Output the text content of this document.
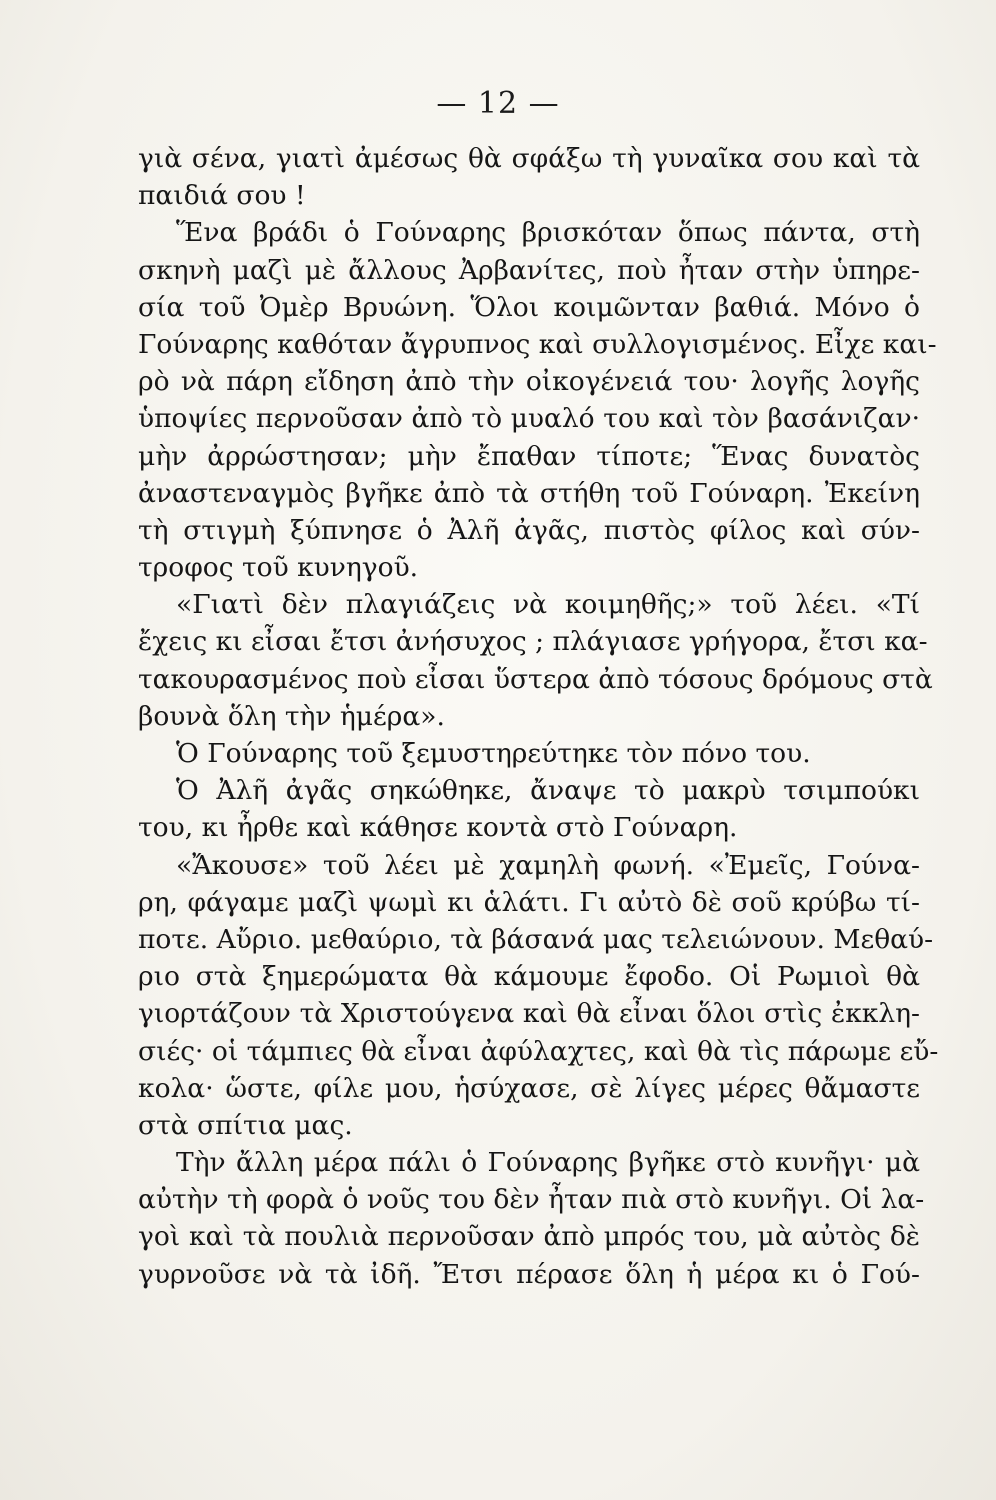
— 12 —
γιὰ σένα, γιατὶ ἀμέσως θὰ σφάξω τὴ γυναῖκα σου καὶ τὰ
παιδιά σου !
Ἕνα βράδι ὁ Γούναρης βρισκόταν ὅπως πάντα, στὴ
σκηνὴ μαζὶ μὲ ἄλλους Ἀρβανίτες, ποὺ ἦταν στὴν ὑπηρε-
σία τοῦ Ὀμὲρ Βρυώνη. Ὅλοι κοιμῶνταν βαθιά. Μόνο ὁ
Γούναρης καθόταν ἄγρυπνος καὶ συλλογισμένος. Εἶχε και-
ρὸ νὰ πάρη εἴδηση ἀπὸ τὴν οἰκογένειά του· λογῆς λογῆς
ὑποψίες περνοῦσαν ἀπὸ τὸ μυαλό του καὶ τὸν βασάνιζαν·
μὴν ἀρρώστησαν; μὴν ἔπαθαν τίποτε; Ἕνας δυνατὸς
ἀναστεναγμὸς βγῆκε ἀπὸ τὰ στήθη τοῦ Γούναρη. Ἐκείνη
τὴ στιγμὴ ξύπνησε ὁ Ἀλῆ ἀγᾶς, πιστὸς φίλος καὶ σύν-
τροφος τοῦ κυνηγοῦ.
«Γιατὶ δὲν πλαγιάζεις νὰ κοιμηθῆς;» τοῦ λέει. «Τί
ἔχεις κι εἶσαι ἔτσι ἀνήσυχος ; πλάγιασε γρήγορα, ἔτσι κα-
τακουρασμένος ποὺ εἶσαι ὕστερα ἀπὸ τόσους δρόμους στὰ
βουνὰ ὅλη τὴν ἡμέρα».
Ὁ Γούναρης τοῦ ξεμυστηρεύτηκε τὸν πόνο του.
Ὁ Ἀλῆ ἀγᾶς σηκώθηκε, ἄναψε τὸ μακρὺ τσιμπούκι
του, κι ἦρθε καὶ κάθησε κοντὰ στὸ Γούναρη.
«Ἄκουσε» τοῦ λέει μὲ χαμηλὴ φωνή. «Ἐμεῖς, Γούνα-
ρη, φάγαμε μαζὶ ψωμὶ κι ἁλάτι. Γι αὐτὸ δὲ σοῦ κρύβω τί-
ποτε. Αὔριο. μεθαύριο, τὰ βάσανά μας τελειώνουν. Μεθαύ-
ριο στὰ ξημερώματα θὰ κάμουμε ἔφοδο. Οἱ Ρωμιοὶ θὰ
γιορτάζουν τὰ Χριστούγενα καὶ θὰ εἶναι ὅλοι στὶς ἐκκλη-
σιές· οἱ τάμπιες θὰ εἶναι ἀφύλαχτες, καὶ θὰ τὶς πάρωμε εὔ-
κολα· ὥστε, φίλε μου, ἡσύχασε, σὲ λίγες μέρες θἄμαστε
στὰ σπίτια μας.
Τὴν ἄλλη μέρα πάλι ὁ Γούναρης βγῆκε στὸ κυνῆγι· μὰ
αὐτὴν τὴ φορὰ ὁ νοῦς του δὲν ἦταν πιὰ στὸ κυνῆγι. Οἱ λα-
γοὶ καὶ τὰ πουλιὰ περνοῦσαν ἀπὸ μπρός του, μὰ αὐτὸς δὲ
γυρνοῦσε νὰ τὰ ἰδῆ. Ἔτσι πέρασε ὅλη ἡ μέρα κι ὁ Γού-
